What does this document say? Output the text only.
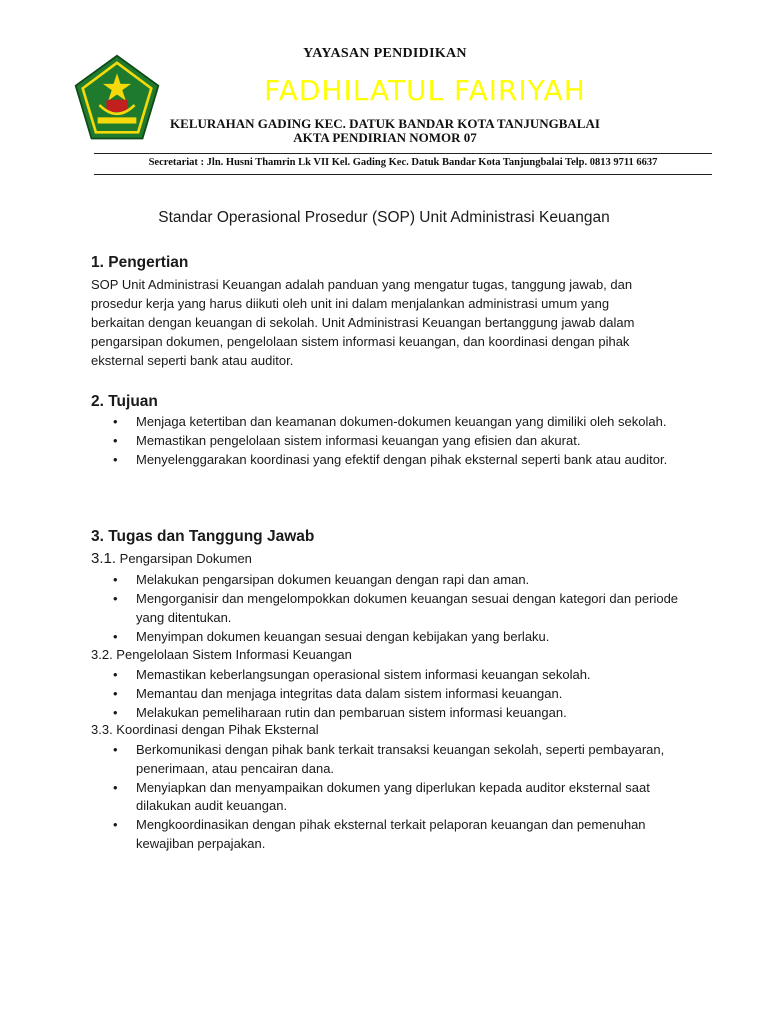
YAYASAN PENDIDIKAN
FADHILATUL FAIRIYAH
KELURAHAN GADING KEC. DATUK BANDAR KOTA TANJUNGBALAI
AKTA PENDIRIAN NOMOR 07
Secretariat : Jln. Husni Thamrin Lk VII Kel. Gading Kec. Datuk Bandar Kota Tanjungbalai Telp. 0813 9711 6637
Standar Operasional Prosedur (SOP) Unit Administrasi Keuangan
1. Pengertian
SOP Unit Administrasi Keuangan adalah panduan yang mengatur tugas, tanggung jawab, dan
prosedur kerja yang harus diikuti oleh unit ini dalam menjalankan administrasi umum yang
berkaitan dengan keuangan di sekolah. Unit Administrasi Keuangan bertanggung jawab dalam
pengarsipan dokumen, pengelolaan sistem informasi keuangan, dan koordinasi dengan pihak
eksternal seperti bank atau auditor.
2. Tujuan
• Menjaga ketertiban dan keamanan dokumen-dokumen keuangan yang dimiliki oleh sekolah.
• Memastikan pengelolaan sistem informasi keuangan yang efisien dan akurat.
• Menyelenggarakan koordinasi yang efektif dengan pihak eksternal seperti bank atau auditor.
3. Tugas dan Tanggung Jawab
3.1. Pengarsipan Dokumen
• Melakukan pengarsipan dokumen keuangan dengan rapi dan aman.
• Mengorganisir dan mengelompokkan dokumen keuangan sesuai dengan kategori dan periode yang ditentukan.
• Menyimpan dokumen keuangan sesuai dengan kebijakan yang berlaku.
3.2. Pengelolaan Sistem Informasi Keuangan
• Memastikan keberlangsungan operasional sistem informasi keuangan sekolah.
• Memantau dan menjaga integritas data dalam sistem informasi keuangan.
• Melakukan pemeliharaan rutin dan pembaruan sistem informasi keuangan.
3.3. Koordinasi dengan Pihak Eksternal
• Berkomunikasi dengan pihak bank terkait transaksi keuangan sekolah, seperti pembayaran, penerimaan, atau pencairan dana.
• Menyiapkan dan menyampaikan dokumen yang diperlukan kepada auditor eksternal saat dilakukan audit keuangan.
• Mengkoordinasikan dengan pihak eksternal terkait pelaporan keuangan dan pemenuhan kewajiban perpajakan.
